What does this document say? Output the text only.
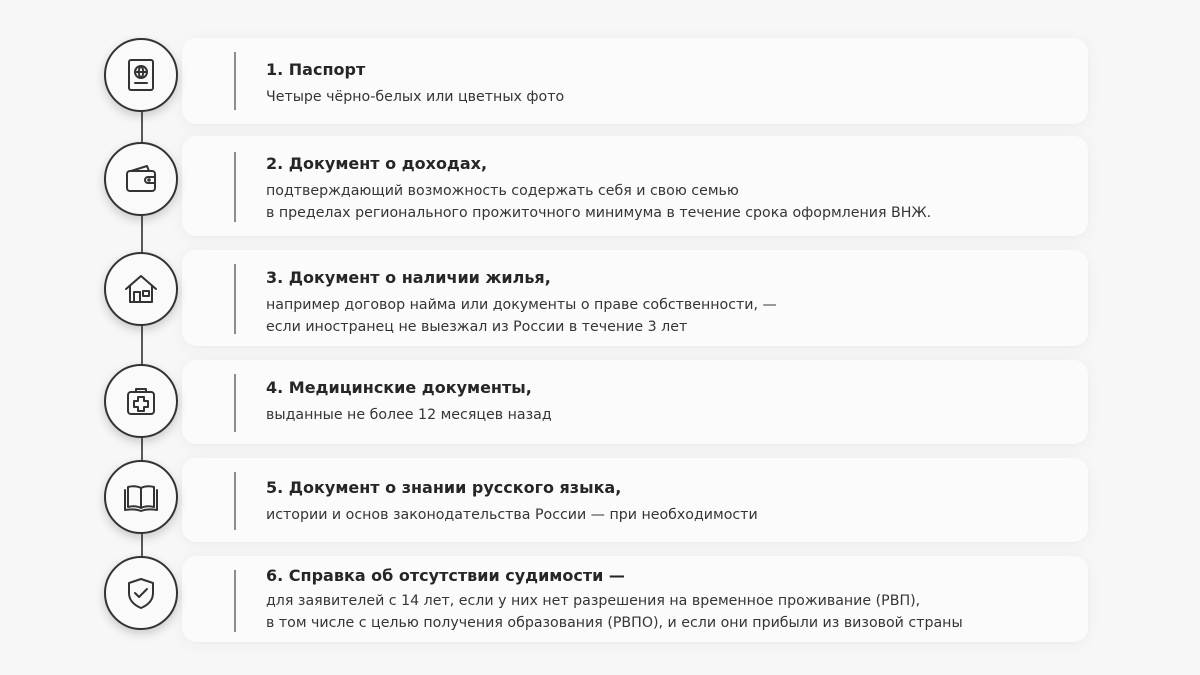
1. Паспорт
Четыре чёрно-белых или цветных фото
2. Документ о доходах,
подтверждающий возможность содержать себя и свою семью
в пределах регионального прожиточного минимума в течение срока оформления ВНЖ.
3. Документ о наличии жилья,
например договор найма или документы о праве собственности, —
если иностранец не выезжал из России в течение 3 лет
4. Медицинские документы,
выданные не более 12 месяцев назад
5. Документ о знании русского языка,
истории и основ законодательства России — при необходимости
6. Справка об отсутствии судимости —
для заявителей с 14 лет, если у них нет разрешения на временное проживание (РВП),
в том числе с целью получения образования (РВПО), и если они прибыли из визовой страны
